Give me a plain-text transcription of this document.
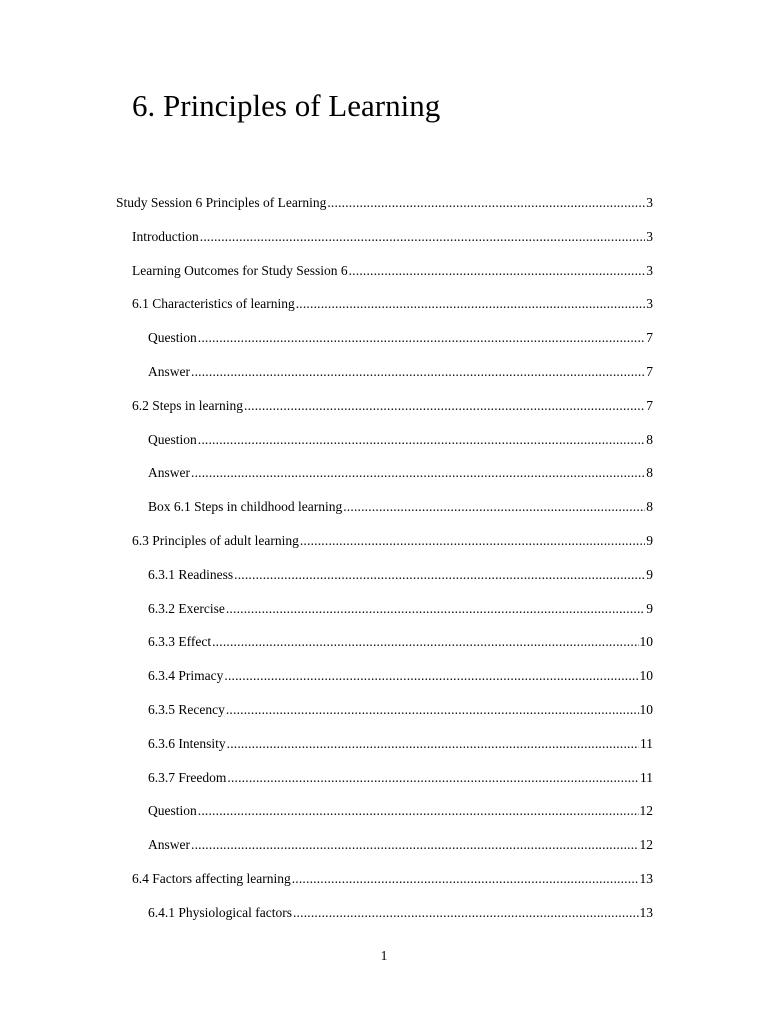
6. Principles of Learning
Study Session 6 Principles of Learning .....	3
Introduction .....	3
Learning Outcomes for Study Session 6 .....	3
6.1 Characteristics of learning .....	3
Question .....	7
Answer .....	7
6.2 Steps in learning .....	7
Question .....	8
Answer .....	8
Box 6.1 Steps in childhood learning .....	8
6.3 Principles of adult learning .....	9
6.3.1 Readiness .....	9
6.3.2 Exercise .....	9
6.3.3 Effect .....	10
6.3.4 Primacy .....	10
6.3.5 Recency .....	10
6.3.6 Intensity .....	11
6.3.7 Freedom .....	11
Question .....	12
Answer .....	12
6.4 Factors affecting learning .....	13
6.4.1 Physiological factors .....	13
1
